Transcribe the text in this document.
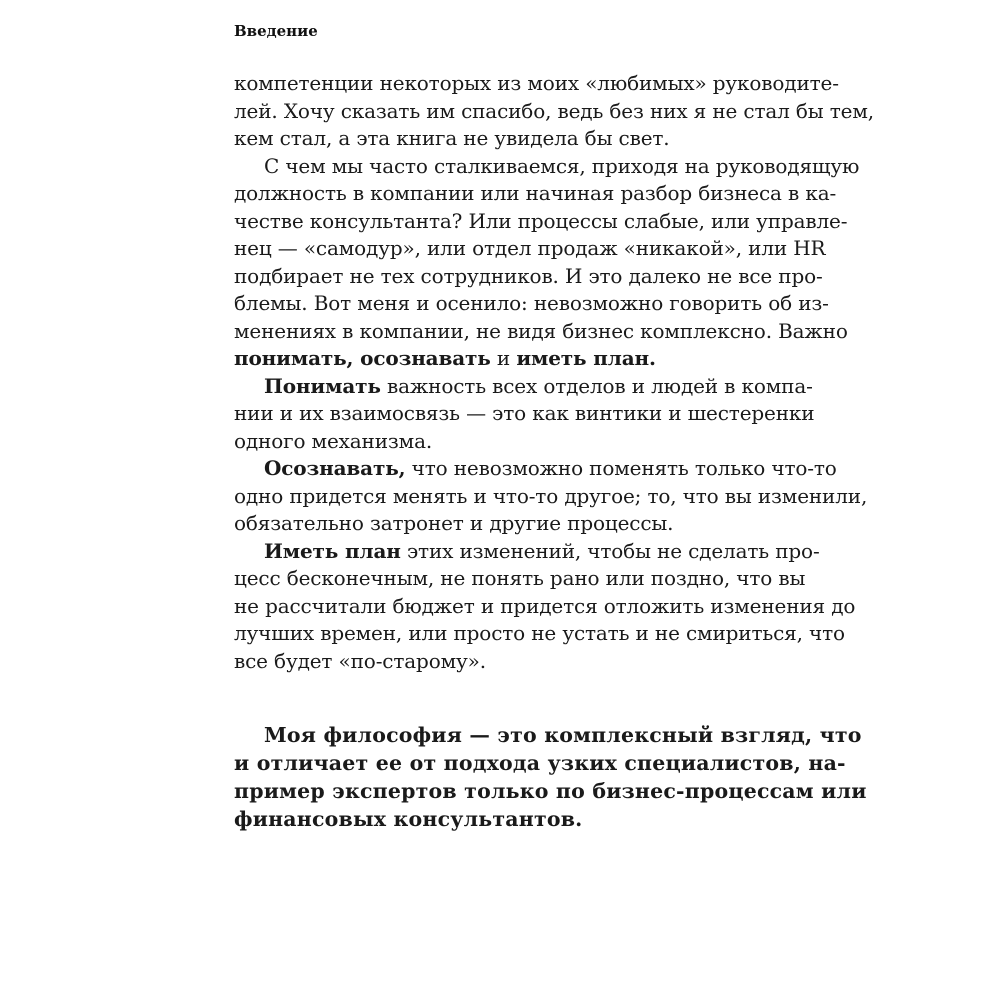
Введение
компетенции некоторых из моих «любимых» руководите-
лей. Хочу сказать им спасибо, ведь без них я не стал бы тем,
кем стал, а эта книга не увидела бы свет.
С чем мы часто сталкиваемся, приходя на руководящую
должность в компании или начиная разбор бизнеса в ка-
честве консультанта? Или процессы слабые, или управле-
нец — «самодур», или отдел продаж «никакой», или HR
подбирает не тех сотрудников. И это далеко не все про-
блемы. Вот меня и осенило: невозможно говорить об из-
менениях в компании, не видя бизнес комплексно. Важно
понимать, осознавать и иметь план.
Понимать важность всех отделов и людей в компа-
нии и их взаимосвязь — это как винтики и шестеренки
одного механизма.
Осознавать, что невозможно поменять только что-то
одно придется менять и что-то другое; то, что вы изменили,
обязательно затронет и другие процессы.
Иметь план этих изменений, чтобы не сделать про-
цесс бесконечным, не понять рано или поздно, что вы
не рассчитали бюджет и придется отложить изменения до
лучших времен, или просто не устать и не смириться, что
все будет «по-старому».
Моя философия — это комплексный взгляд, что
и отличает ее от подхода узких специалистов, на-
пример экспертов только по бизнес-процессам или
финансовых консультантов.
